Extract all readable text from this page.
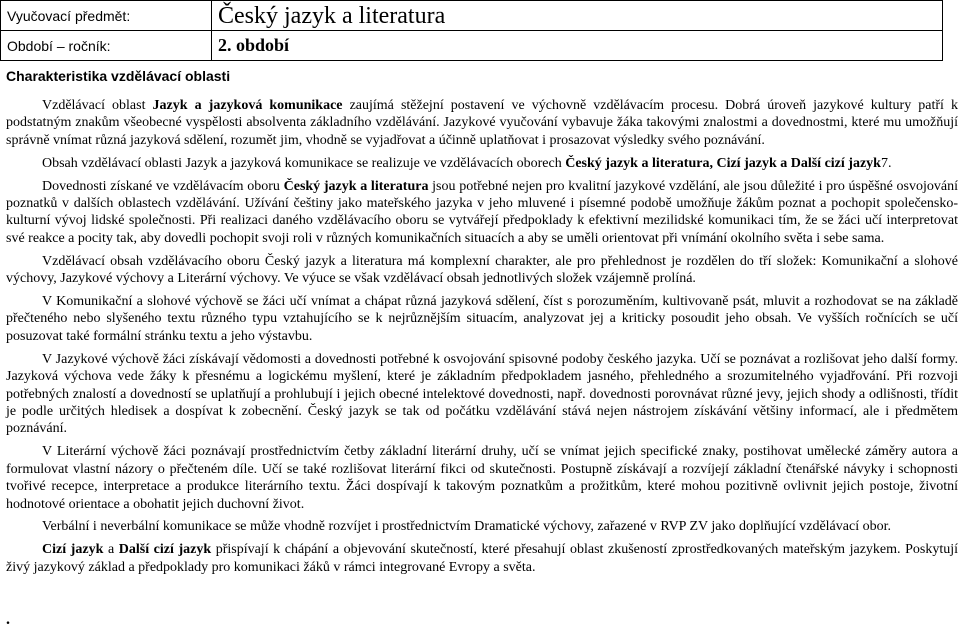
Vyučovací předmět:	Český jazyk a literatura
Období – ročník:	2. období
Charakteristika vzdělávací oblasti

Vzdělávací oblast Jazyk a jazyková komunikace zaujímá stěžejní postavení ve výchovně vzdělávacím procesu. Dobrá úroveň jazykové kultury patří k podstatným znakům všeobecné vyspělosti absolventa základního vzdělávání. Jazykové vyučování vybavuje žáka takovými znalostmi a dovednostmi, které mu umožňují správně vnímat různá jazyková sdělení, rozumět jim, vhodně se vyjadřovat a účinně uplatňovat i prosazovat výsledky svého poznávání.

Obsah vzdělávací oblasti Jazyk a jazyková komunikace se realizuje ve vzdělávacích oborech Český jazyk a literatura, Cizí jazyk a Další cizí jazyk7.

Dovednosti získané ve vzdělávacím oboru Český jazyk a literatura jsou potřebné nejen pro kvalitní jazykové vzdělání, ale jsou důležité i pro úspěšné osvojování poznatků v dalších oblastech vzdělávání. Užívání češtiny jako mateřského jazyka v jeho mluvené i písemné podobě umožňuje žákům poznat a pochopit společensko-kulturní vývoj lidské společnosti. Při realizaci daného vzdělávacího oboru se vytvářejí předpoklady k efektivní mezilidské komunikaci tím, že se žáci učí interpretovat své reakce a pocity tak, aby dovedli pochopit svoji roli v různých komunikačních situacích a aby se uměli orientovat při vnímání okolního světa i sebe sama.

Vzdělávací obsah vzdělávacího oboru Český jazyk a literatura má komplexní charakter, ale pro přehlednost je rozdělen do tří složek: Komunikační a slohové výchovy, Jazykové výchovy a Literární výchovy. Ve výuce se však vzdělávací obsah jednotlivých složek vzájemně prolíná.

V Komunikační a slohové výchově se žáci učí vnímat a chápat různá jazyková sdělení, číst s porozuměním, kultivovaně psát, mluvit a rozhodovat se na základě přečteného nebo slyšeného textu různého typu vztahujícího se k nejrůznějším situacím, analyzovat jej a kriticky posoudit jeho obsah. Ve vyšších ročnících se učí posuzovat také formální stránku textu a jeho výstavbu.

V Jazykové výchově žáci získávají vědomosti a dovednosti potřebné k osvojování spisovné podoby českého jazyka. Učí se poznávat a rozlišovat jeho další formy. Jazyková výchova vede žáky k přesnému a logickému myšlení, které je základním předpokladem jasného, přehledného a srozumitelného vyjadřování. Při rozvoji potřebných znalostí a dovedností se uplatňují a prohlubují i jejich obecné intelektové dovednosti, např. dovednosti porovnávat různé jevy, jejich shody a odlišnosti, třídit je podle určitých hledisek a dospívat k zobecnění. Český jazyk se tak od počátku vzdělávání stává nejen nástrojem získávání většiny informací, ale i předmětem poznávání.

V Literární výchově žáci poznávají prostřednictvím četby základní literární druhy, učí se vnímat jejich specifické znaky, postihovat umělecké záměry autora a formulovat vlastní názory o přečteném díle. Učí se také rozlišovat literární fikci od skutečnosti. Postupně získávají a rozvíjejí základní čtenářské návyky i schopnosti tvořivé recepce, interpretace a produkce literárního textu. Žáci dospívají k takovým poznatkům a prožitkům, které mohou pozitivně ovlivnit jejich postoje, životní hodnotové orientace a obohatit jejich duchovní život.

Verbální i neverbální komunikace se může vhodně rozvíjet i prostřednictvím Dramatické výchovy, zařazené v RVP ZV jako doplňující vzdělávací obor.

Cizí jazyk a Další cizí jazyk přispívají k chápání a objevování skutečností, které přesahují oblast zkušeností zprostředkovaných mateřským jazykem. Poskytují živý jazykový základ a předpoklady pro komunikaci žáků v rámci integrované Evropy a světa.

.
